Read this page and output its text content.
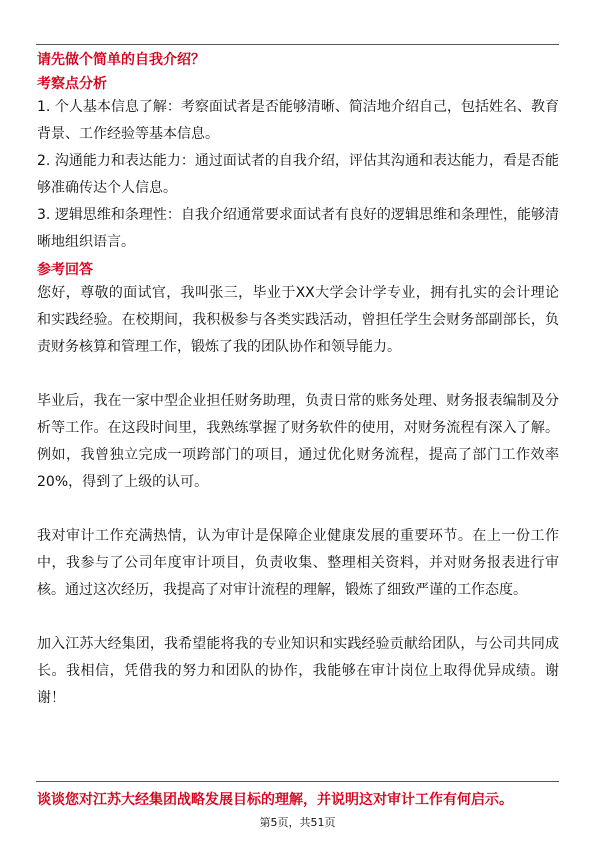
请先做个简单的自我介绍？

考察点分析

1. 个人基本信息了解：考察面试者是否能够清晰、简洁地介绍自己，包括姓名、教育背景、工作经验等基本信息。

2. 沟通能力和表达能力：通过面试者的自我介绍，评估其沟通和表达能力，看是否能够准确传达个人信息。

3. 逻辑思维和条理性：自我介绍通常要求面试者有良好的逻辑思维和条理性，能够清晰地组织语言。

参考回答

您好，尊敬的面试官，我叫张三，毕业于XX大学会计学专业，拥有扎实的会计理论和实践经验。在校期间，我积极参与各类实践活动，曾担任学生会财务部副部长，负责财务核算和管理工作，锻炼了我的团队协作和领导能力。

毕业后，我在一家中型企业担任财务助理，负责日常的账务处理、财务报表编制及分析等工作。在这段时间里，我熟练掌握了财务软件的使用，对财务流程有深入了解。例如，我曾独立完成一项跨部门的项目，通过优化财务流程，提高了部门工作效率20%，得到了上级的认可。

我对审计工作充满热情，认为审计是保障企业健康发展的重要环节。在上一份工作中，我参与了公司年度审计项目，负责收集、整理相关资料，并对财务报表进行审核。通过这次经历，我提高了对审计流程的理解，锻炼了细致严谨的工作态度。

加入江苏大经集团，我希望能将我的专业知识和实践经验贡献给团队，与公司共同成长。我相信，凭借我的努力和团队的协作，我能够在审计岗位上取得优异成绩。谢谢！

谈谈您对江苏大经集团战略发展目标的理解，并说明这对审计工作有何启示。

第5页，共51页
